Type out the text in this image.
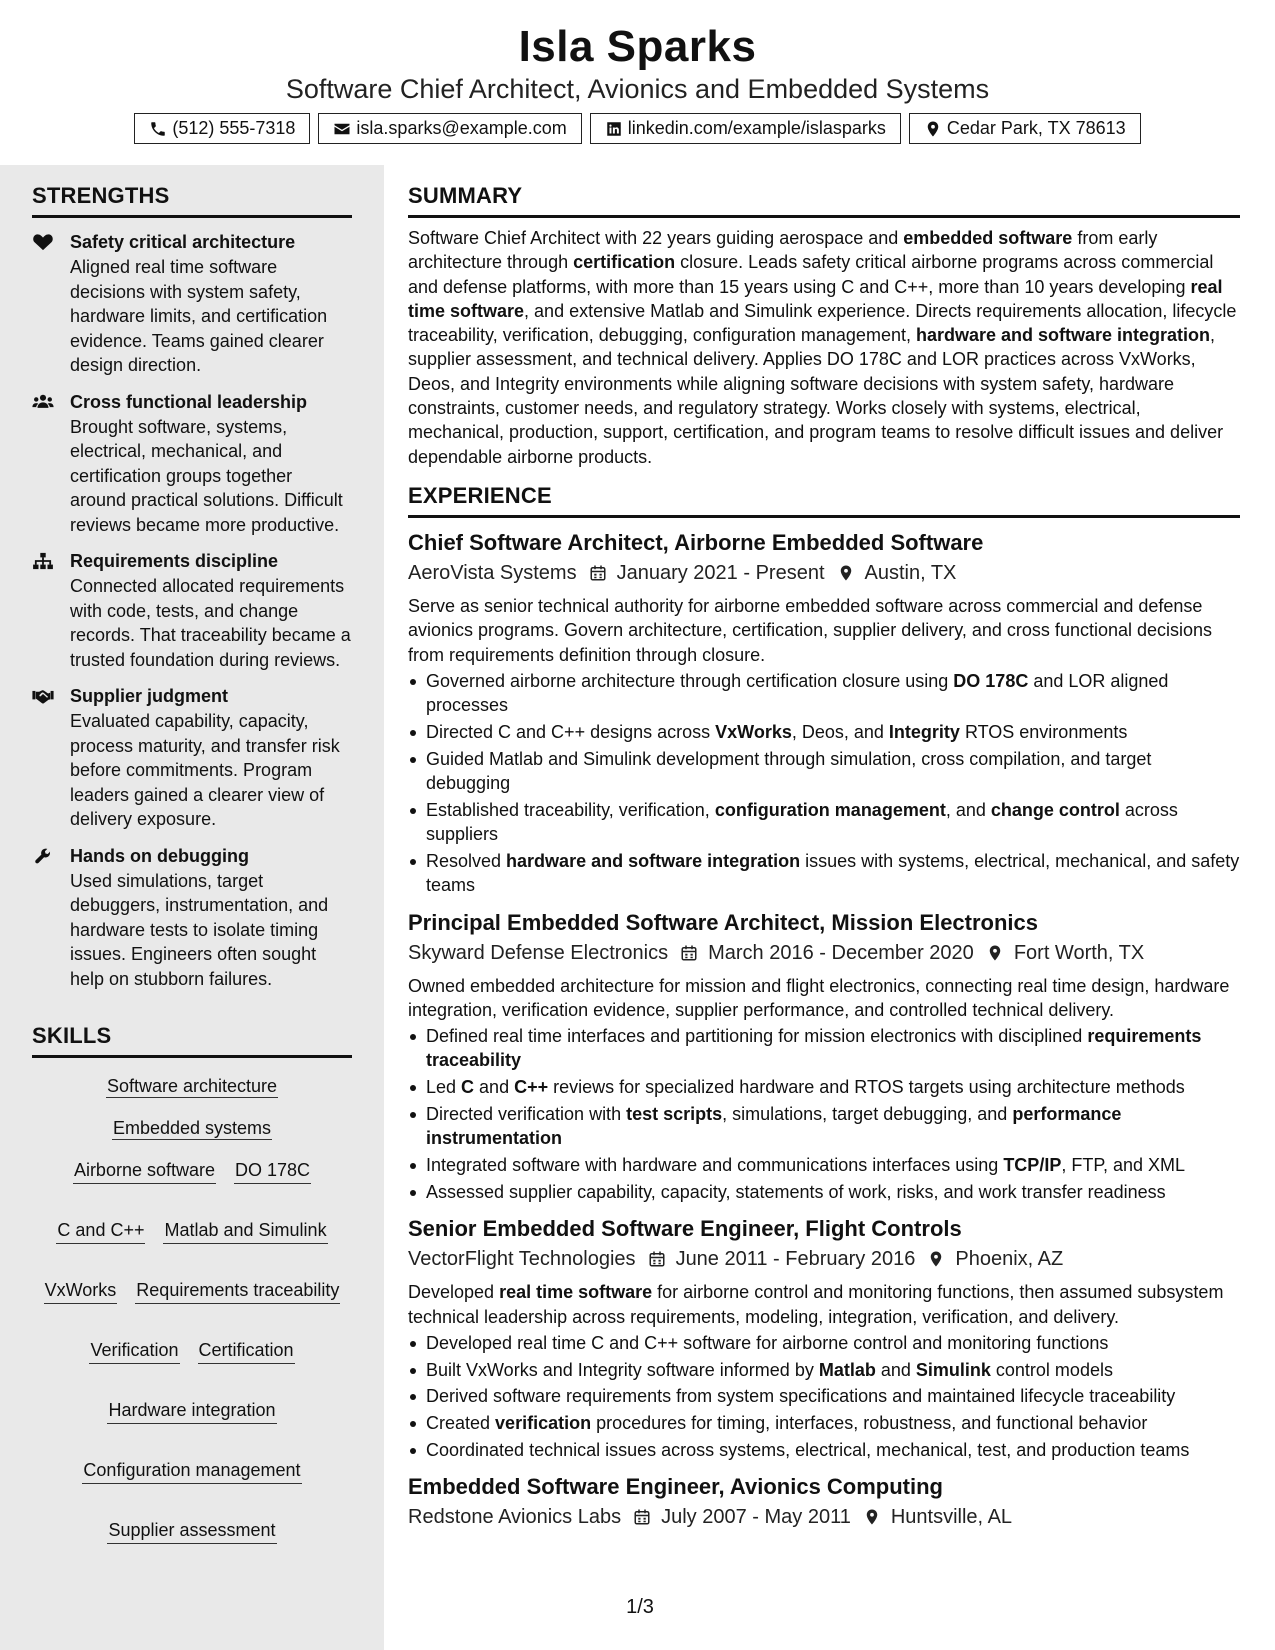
Isla Sparks
Software Chief Architect, Avionics and Embedded Systems
(512) 555-7318	isla.sparks@example.com	linkedin.com/example/islasparks	Cedar Park, TX 78613
STRENGTHS
Safety critical architecture
Aligned real time software decisions with system safety, hardware limits, and certification evidence. Teams gained clearer design direction.
Cross functional leadership
Brought software, systems, electrical, mechanical, and certification groups together around practical solutions. Difficult reviews became more productive.
Requirements discipline
Connected allocated requirements with code, tests, and change records. That traceability became a trusted foundation during reviews.
Supplier judgment
Evaluated capability, capacity, process maturity, and transfer risk before commitments. Program leaders gained a clearer view of delivery exposure.
Hands on debugging
Used simulations, target debuggers, instrumentation, and hardware tests to isolate timing issues. Engineers often sought help on stubborn failures.
SKILLS
Software architecture
Embedded systems
Airborne software DO 178C
C and C++ Matlab and Simulink
VxWorks Requirements traceability
Verification Certification
Hardware integration
Configuration management
Supplier assessment
SUMMARY
Software Chief Architect with 22 years guiding aerospace and embedded software from early architecture through certification closure. Leads safety critical airborne programs across commercial and defense platforms, with more than 15 years using C and C++, more than 10 years developing real time software, and extensive Matlab and Simulink experience. Directs requirements allocation, lifecycle traceability, verification, debugging, configuration management, hardware and software integration, supplier assessment, and technical delivery. Applies DO 178C and LOR practices across VxWorks, Deos, and Integrity environments while aligning software decisions with system safety, hardware constraints, customer needs, and regulatory strategy. Works closely with systems, electrical, mechanical, production, support, certification, and program teams to resolve difficult issues and deliver dependable airborne products.
EXPERIENCE
Chief Software Architect, Airborne Embedded Software
AeroVista Systems January 2021 - Present Austin, TX
Serve as senior technical authority for airborne embedded software across commercial and defense avionics programs. Govern architecture, certification, supplier delivery, and cross functional decisions from requirements definition through closure.
Governed airborne architecture through certification closure using DO 178C and LOR aligned processes
Directed C and C++ designs across VxWorks, Deos, and Integrity RTOS environments
Guided Matlab and Simulink development through simulation, cross compilation, and target debugging
Established traceability, verification, configuration management, and change control across suppliers
Resolved hardware and software integration issues with systems, electrical, mechanical, and safety teams
Principal Embedded Software Architect, Mission Electronics
Skyward Defense Electronics March 2016 - December 2020 Fort Worth, TX
Owned embedded architecture for mission and flight electronics, connecting real time design, hardware integration, verification evidence, supplier performance, and controlled technical delivery.
Defined real time interfaces and partitioning for mission electronics with disciplined requirements traceability
Led C and C++ reviews for specialized hardware and RTOS targets using architecture methods
Directed verification with test scripts, simulations, target debugging, and performance instrumentation
Integrated software with hardware and communications interfaces using TCP/IP, FTP, and XML
Assessed supplier capability, capacity, statements of work, risks, and work transfer readiness
Senior Embedded Software Engineer, Flight Controls
VectorFlight Technologies June 2011 - February 2016 Phoenix, AZ
Developed real time software for airborne control and monitoring functions, then assumed subsystem technical leadership across requirements, modeling, integration, verification, and delivery.
Developed real time C and C++ software for airborne control and monitoring functions
Built VxWorks and Integrity software informed by Matlab and Simulink control models
Derived software requirements from system specifications and maintained lifecycle traceability
Created verification procedures for timing, interfaces, robustness, and functional behavior
Coordinated technical issues across systems, electrical, mechanical, test, and production teams
Embedded Software Engineer, Avionics Computing
Redstone Avionics Labs July 2007 - May 2011 Huntsville, AL
1/3
